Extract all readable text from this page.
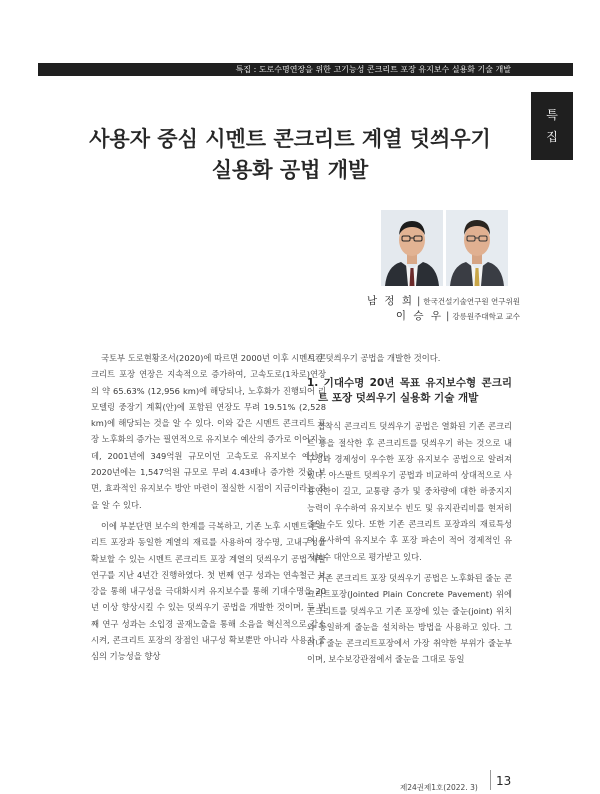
특집 : 도로수명연장을 위한 고기능성 콘크리트 포장 유지보수 실용화 기술 개발
특
집
사용자 중심 시멘트 콘크리트 계열 덧씌우기
실용화 공법 개발
남 정 희 | 한국건설기술연구원 연구위원
이 승 우 | 강릉원주대학교 교수

국토부 도로현황조서(2020)에 따르면 2000년 이후 시멘트 콘크리트 포장 연장은 지속적으로 증가하여, 고속도로(1차로)연장의 약 65.63% (12,956 km)에 해당되나, 노후화가 진행되어 리모델링 중장기 계획(안)에 포함된 연장도 무려 19.51% (2,528 km)에 해당되는 것을 알 수 있다. 이와 같은 시멘트 콘크리트 포장 노후화의 증가는 필연적으로 유지보수 예산의 증가로 이어지는데, 2001년에 349억원 규모이던 고속도로 유지보수 예산이 2020년에는 1,547억원 규모로 무려 4.43배나 증가한 것을 보면, 효과적인 유지보수 방안 마련이 절실한 시점이 지금이라는 것을 알 수 있다.

이에 부분단면 보수의 한계를 극복하고, 기존 노후 시멘트 콘크리트 포장과 동일한 계열의 재료를 사용하여 장수명, 고내구성을 확보할 수 있는 시멘트 콘크리트 포장 계열의 덧씌우기 공법 개발 연구를 지난 4년간 진행하였다. 첫 번째 연구 성과는 연속철근 보강을 통해 내구성을 극대화시켜 유지보수를 통해 기대수명을 20년 이상 향상시킬 수 있는 덧씌우기 공법을 개발한 것이며, 두 번째 연구 성과는 소입경 골재노출을 통해 소음을 혁신적으로 감소시켜, 콘크리트 포장의 장점인 내구성 확보뿐만 아니라 사용자 중심의 기능성을 향상

시킨 덧씌우기 공법을 개발한 것이다.

1. 기대수명 20년 목표 유지보수형 콘크리트 포장 덧씌우기 실용화 기술 개발

접착식 콘크리트 덧씌우기 공법은 열화된 기존 콘크리트 층을 절삭한 후 콘크리트를 덧씌우기 하는 것으로 내구성과 경제성이 우수한 포장 유지보수 공법으로 알려져 있다. 아스팔트 덧씌우기 공법과 비교하여 상대적으로 사용연한이 길고, 교통량 증가 및 중차량에 대한 하중지지 능력이 우수하여 유지보수 빈도 및 유지관리비를 현저히 줄일 수도 있다. 또한 기존 콘크리트 포장과의 재료특성이 유사하여 유지보수 후 포장 파손이 적어 경제적인 유지보수 대안으로 평가받고 있다.

기존 콘크리트 포장 덧씌우기 공법은 노후화된 줄눈 콘크리트포장(Jointed Plain Concrete Pavement) 위에 콘크리트를 덧씌우고 기존 포장에 있는 줄눈(joint) 위치와 동일하게 줄눈을 설치하는 방법을 사용하고 있다. 그러나 줄눈 콘크리트포장에서 가장 취약한 부위가 줄눈부이며, 보수보강관점에서 줄눈을 그대로 동일

제24권제1호(2022. 3) 13
